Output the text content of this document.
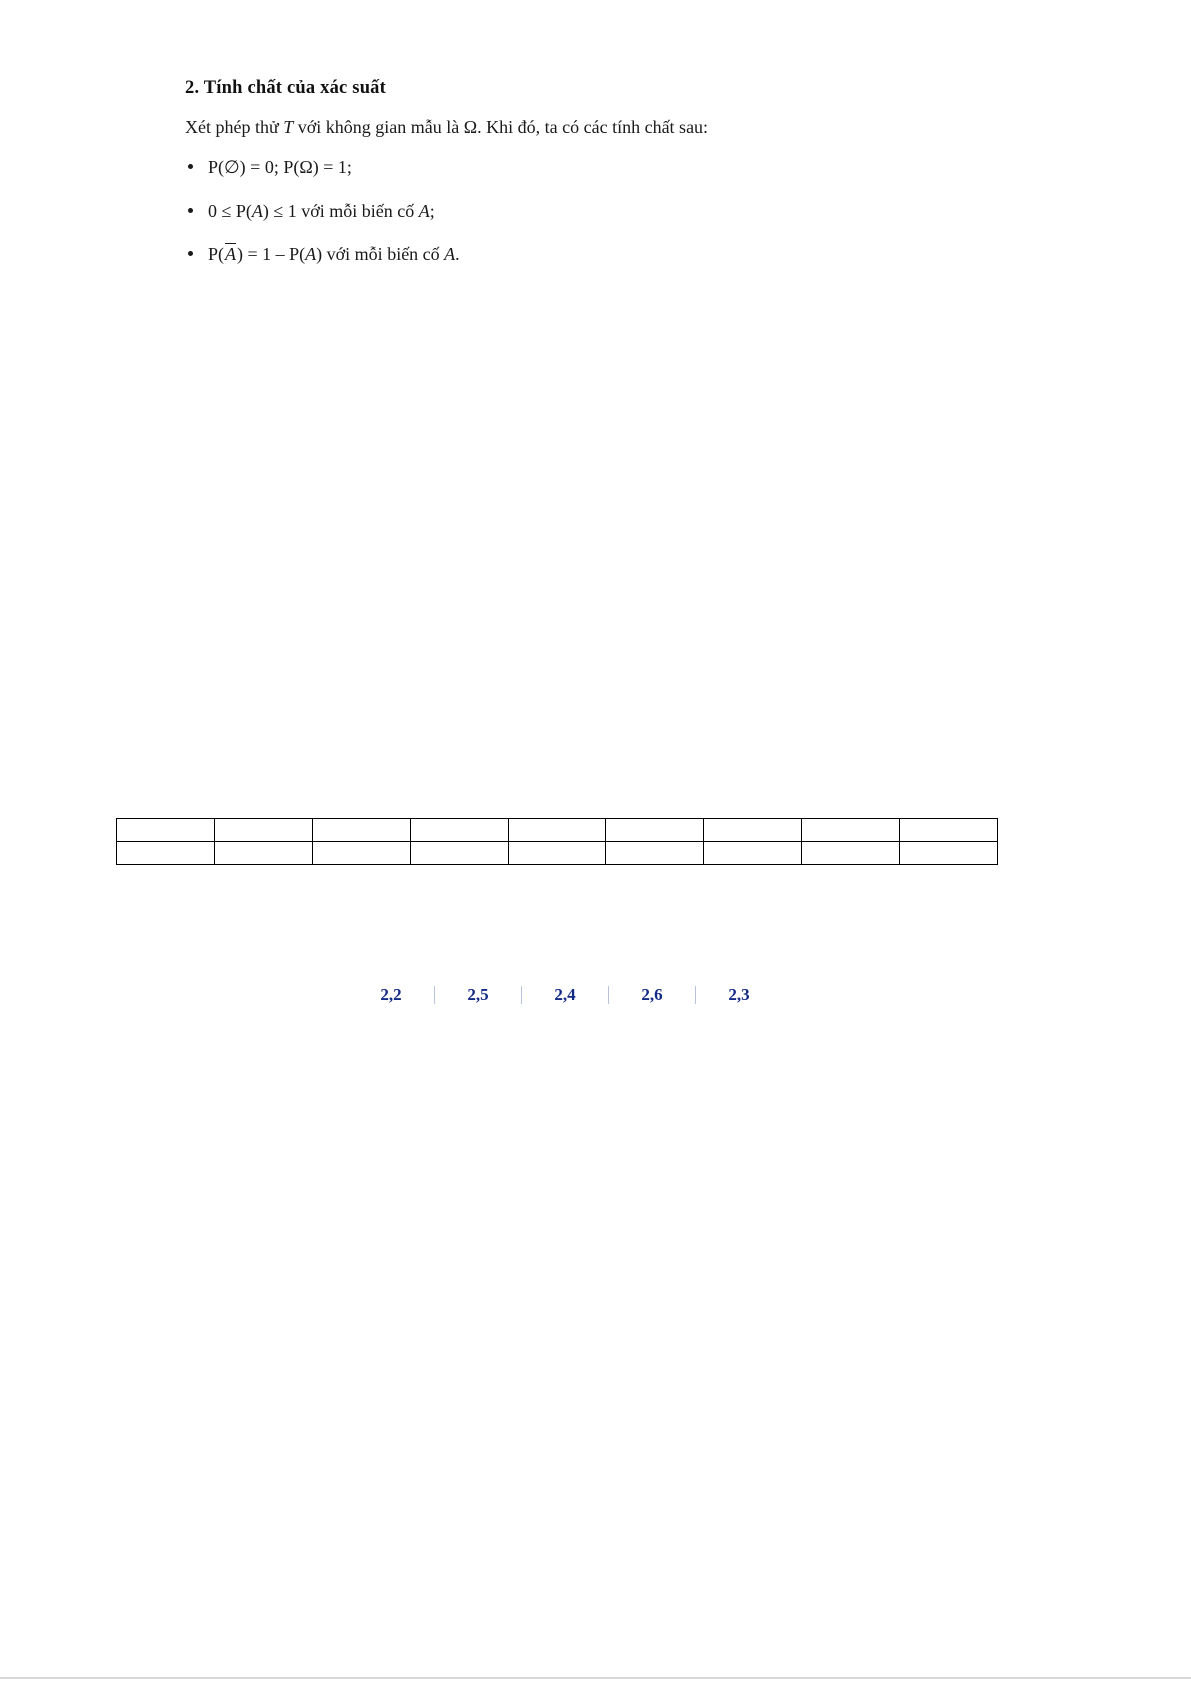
2. Tính chất của xác suất

Xét phép thử T với không gian mẫu là Ω. Khi đó, ta có các tính chất sau:

P(∅) = 0; P(Ω) = 1;
0 ≤ P(A) ≤ 1 với mỗi biến cố A;
$P(\overline{A}) = 1 - P(A)$ với mỗi biến cố A.

2,2	2,5	2,4	2,6	2,3
